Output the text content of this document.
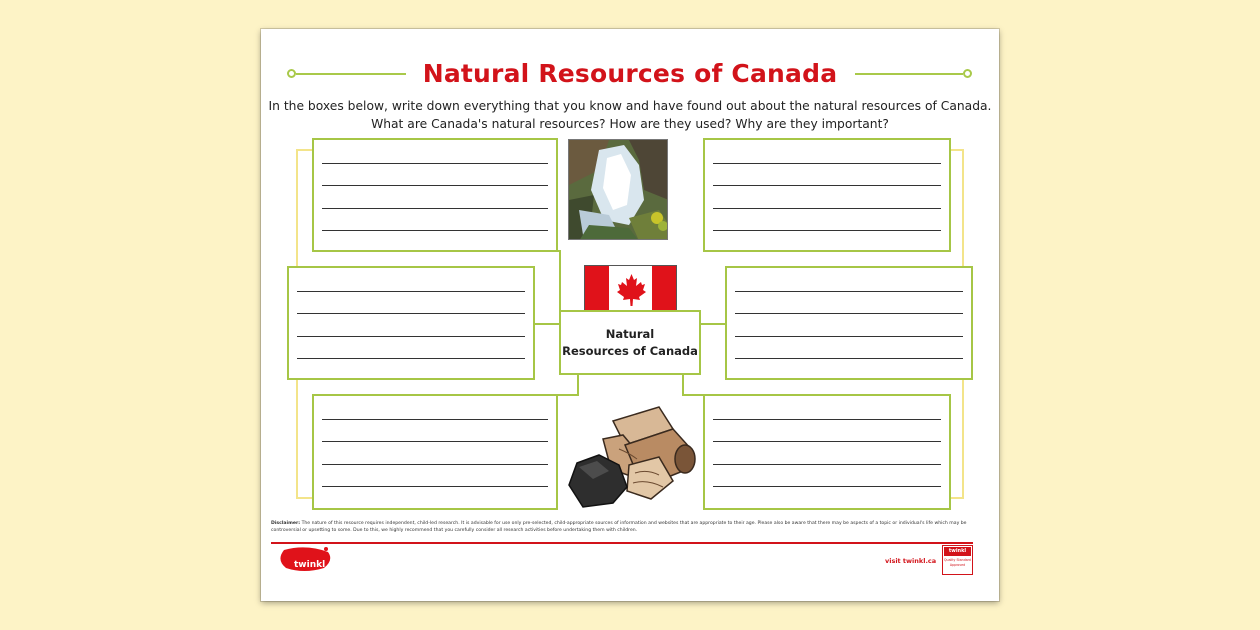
Natural Resources of Canada
In the boxes below, write down everything that you know and have found out about the natural resources of Canada.
What are Canada's natural resources? How are they used? Why are they important?
Natural
Resources of Canada
Disclaimer: The nature of this resource requires independent, child-led research. It is advisable for use only pre-selected, child-appropriate sources of information and websites that are appropriate to their age. Please also be aware that there may be aspects of a topic or individual's life which may be controversial or upsetting to some. Due to this, we highly recommend that you carefully consider all research activities before undertaking them with children.
twinkl	visit twinkl.ca
twinkl
Quality Standard Approved
